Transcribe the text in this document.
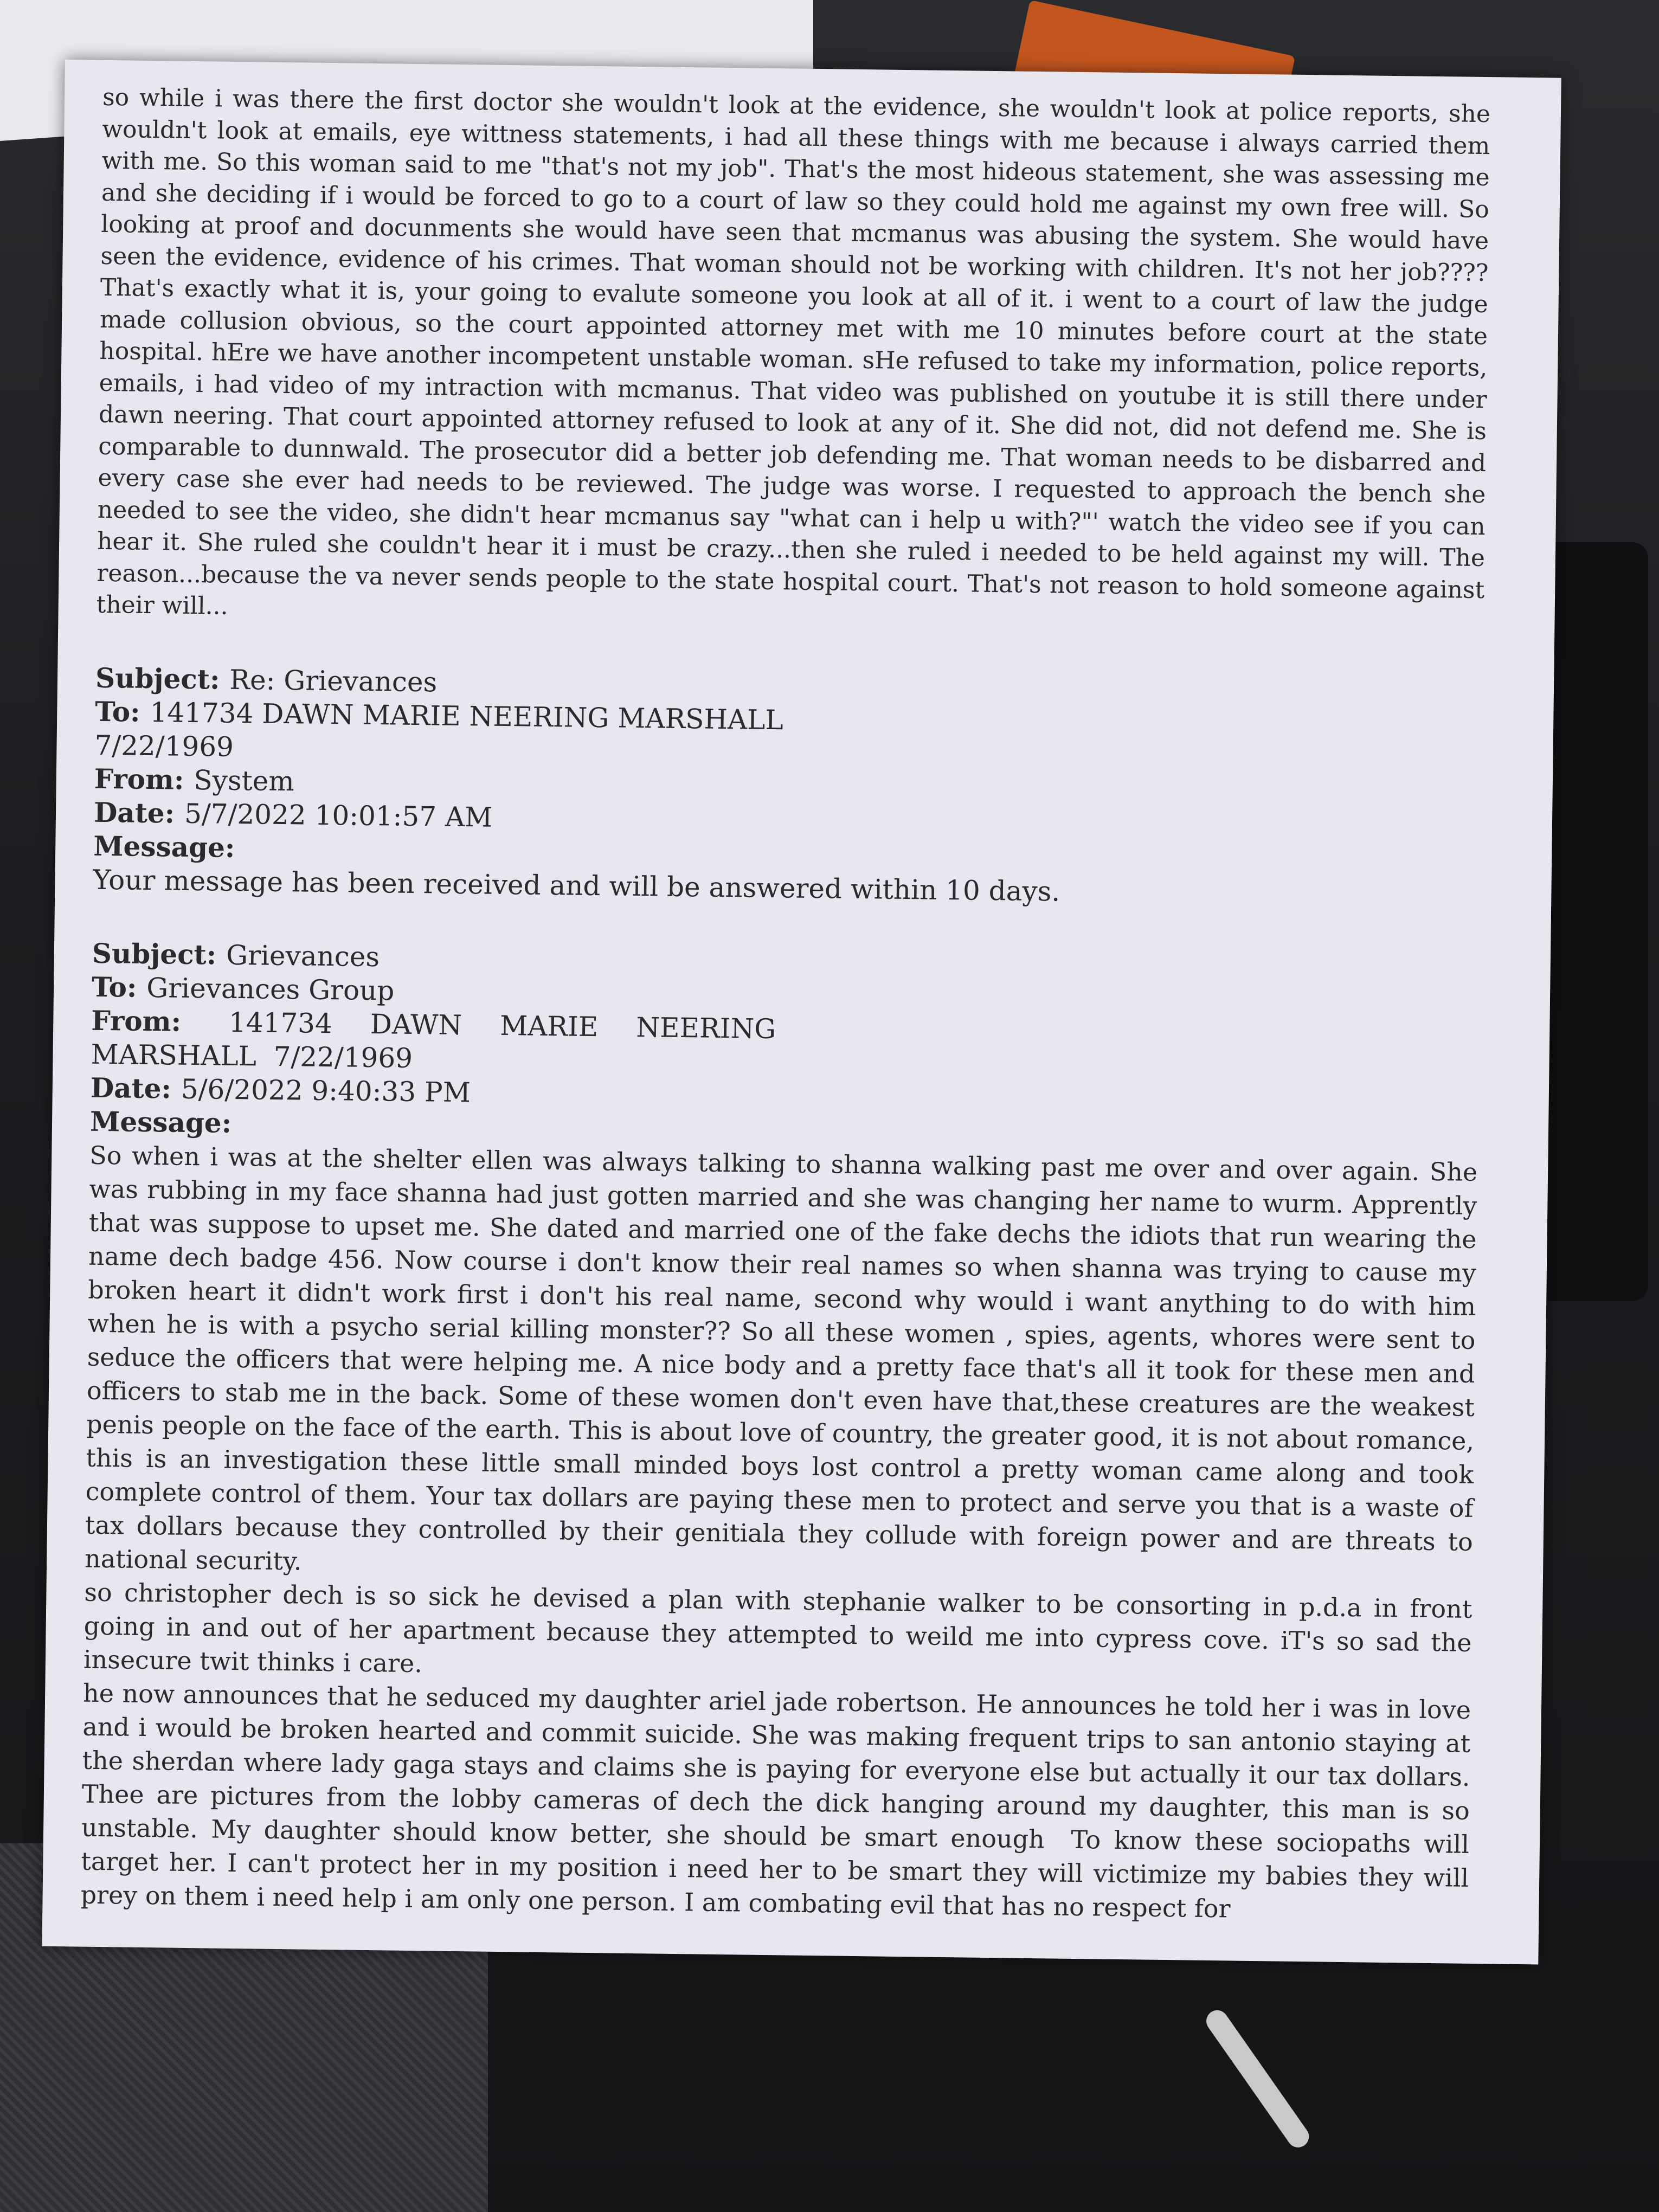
so while i was there the first doctor she wouldn't look at the evidence, she wouldn't look at police reports, she wouldn't look at emails, eye wittness statements, i had all these things with me because i always carried them with me. So this woman said to me "that's not my job". That's the most hideous statement, she was assessing me and she deciding if i would be forced to go to a court of law so they could hold me against my own free will. So looking at proof and docunments she would have seen that mcmanus was abusing the system. She would have seen the evidence, evidence of his crimes. That woman should not be working with children. It's not her job???? That's exactly what it is, your going to evalute someone you look at all of it. i went to a court of law the judge made collusion obvious, so the court appointed attorney met with me 10 minutes before court at the state hospital. hEre we have another incompetent unstable woman. sHe refused to take my information, police reports, emails, i had video of my intraction with mcmanus. That video was published on youtube it is still there under dawn neering. That court appointed attorney refused to look at any of it. She did not, did not defend me. She is comparable to dunnwald. The prosecutor did a better job defending me. That woman needs to be disbarred and every case she ever had needs to be reviewed. The judge was worse. I requested to approach the bench she needed to see the video, she didn't hear mcmanus say "what can i help u with?"' watch the video see if you can hear it. She ruled she couldn't hear it i must be crazy...then she ruled i needed to be held against my will. The reason...because the va never sends people to the state hospital court. That's not reason to hold someone against their will...

Subject: Re: Grievances
To: 141734 DAWN MARIE NEERING MARSHALL
7/22/1969
From: System
Date: 5/7/2022 10:01:57 AM
Message:
Your message has been received and will be answered within 10 days.
Subject: Grievances
To: Grievances Group
From: 141734 DAWN MARIE NEERING
MARSHALL  7/22/1969
Date: 5/6/2022 9:40:33 PM
Message:

So when i was at the shelter ellen was always talking to shanna walking past me over and over again. She was rubbing in my face shanna had just gotten married and she was changing her name to wurm. Apprently that was suppose to upset me. She dated and married one of the fake dechs the idiots that run wearing the name dech badge 456. Now course i don't know their real names so when shanna was trying to cause my broken heart it didn't work first i don't his real name, second why would i want anything to do with him when he is with a psycho serial killing monster?? So all these women , spies, agents, whores were sent to seduce the officers that were helping me. A nice body and a pretty face that's all it took for these men and officers to stab me in the back. Some of these women don't even have that,these creatures are the weakest penis people on the face of the earth. This is about love of country, the greater good, it is not about romance, this is an investigation these little small minded boys lost control a pretty woman came along and took complete control of them. Your tax dollars are paying these men to protect and serve you that is a waste of tax dollars because they controlled by their genitiala they collude with foreign power and are threats to national security.

so christopher dech is so sick he devised a plan with stephanie walker to be consorting in p.d.a in front going in and out of her apartment because they attempted to weild me into cypress cove. iT's so sad the insecure twit thinks i care.

he now announces that he seduced my daughter ariel jade robertson. He announces he told her i was in love and i would be broken hearted and commit suicide. She was making frequent trips to san antonio staying at the sherdan where lady gaga stays and claims she is paying for everyone else but actually it our tax dollars. Thee are pictures from the lobby cameras of dech the dick hanging around my daughter, this man is so unstable. My daughter should know better, she should be smart enough  To know these sociopaths will target her. I can't protect her in my position i need her to be smart they will victimize my babies they will prey on them i need help i am only one person. I am combating evil that has no respect for
